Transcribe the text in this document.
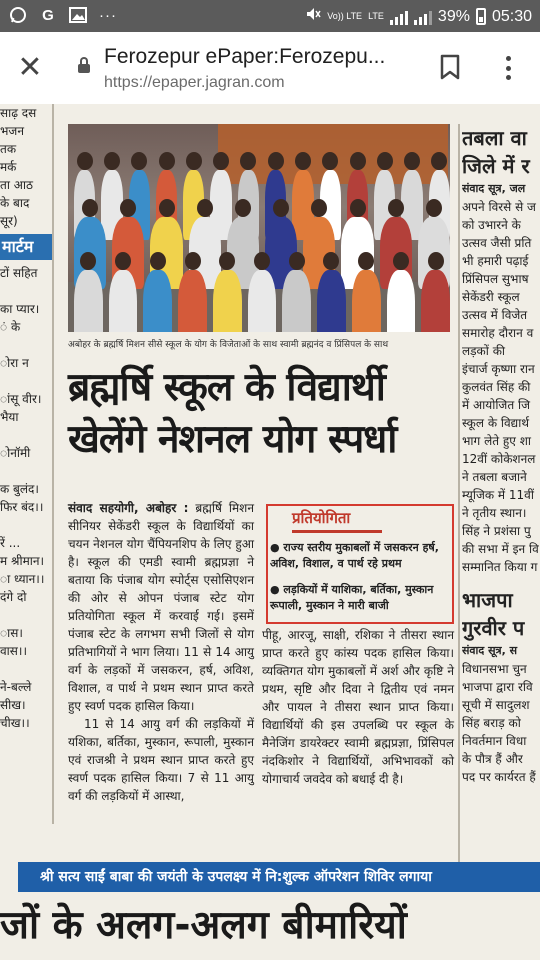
G	···	Vo)) LTE LTE	39% 05:30
✕	Ferozepur ePaper:Ferozepu...
https://epaper.jagran.com
साढ़ दस
भजन
तक
मर्क
ता आठ
के बाद
सूर)
मार्टम
टों सहित

का प्यार।
ं के

ोरा न

ांसू वीर।
भैया

ोनॉमी

क बुलंद।
फिर बंद।।

रें ...
म श्रीमान।
ा ध्यान।।
दंगे दो

ास।
वास।।

ने-बल्ले
सीख।
चीख।।
अबोहर के ब्रह्मर्षि मिशन सीसे स्कूल के योग के विजेताओं के साथ स्वामी ब्रह्मनंद व प्रिंसिपल के साथ
ब्रह्मर्षि स्कूल के विद्यार्थी
खेलेंगे नेशनल योग स्पर्धा
संवाद सहयोगी, अबोहर : ब्रह्मर्षि मिशन सीनियर सेकेंडरी स्कूल के विद्यार्थियों का चयन नेशनल योग चैंपियनशिप के लिए हुआ है। स्कूल की एमडी स्वामी ब्रह्मप्रज्ञा ने बताया कि पंजाब योग स्पोर्ट्स एसोसिएशन की ओर से ओपन पंजाब स्टेट योग प्रतियोगिता स्कूल में करवाई गई। इसमें पंजाब स्टेट के लगभग सभी जिलों से योग प्रतिभागियों ने भाग लिया। 11 से 14 आयु वर्ग के लड़कों में जसकरन, हर्ष, अविश, विशाल, व पार्थ ने प्रथम स्थान प्राप्त करते हुए स्वर्ण पदक हासिल किया।
11 से 14 आयु वर्ग की लड़कियों में यशिका, बर्तिका, मुस्कान, रूपाली, मुस्कान एवं राजश्री ने प्रथम स्थान प्राप्त करते हुए स्वर्ण पदक हासिल किया। 7 से 11 आयु वर्ग की लड़कियों में आस्था,
प्रतियोगिता
● राज्य स्तरीय मुकाबलों में जसकरन हर्ष, अविश, विशाल, व पार्थ रहे प्रथम
● लड़कियों में याशिका, बर्तिका, मुस्कान रूपाली, मुस्कान ने मारी बाजी
पीहू, आरजू, साक्षी, रशिका ने तीसरा स्थान प्राप्त करते हुए कांस्य पदक हासिल किया। व्यक्तिगत योग मुकाबलों में अर्श और कृष्टि ने प्रथम, सृष्टि और दिवा ने द्वितीय एवं नमन और पायल ने तीसरा स्थान प्राप्त किया। विद्यार्थियों की इस उपलब्धि पर स्कूल के मैनेजिंग डायरेक्टर स्वामी ब्रह्मप्रज्ञा, प्रिंसिपल नंदकिशोर ने विद्यार्थियों, अभिभावकों को योगाचार्य जवदेव को बधाई दी है।
तबला वा
जिले में र
संवाद सूत्र, जल
अपने विरसे से ज
को उभारने के
उत्सव जैसी प्रति
भी हमारी पढ़ाई
प्रिंसिपल सुभाष
सेकेंडरी स्कूल
उत्सव में विजेत
समारोह दौरान व
लड़कों की
इंचार्ज कृष्णा रान
कुलवंत सिंह की
में आयोजित जि
स्कूल के विद्यार्थ
भाग लेते हुए शा
12वीं कोकेशनल
ने तबला बजाने
म्यूजिक में 11वीं
ने तृतीय स्थान।
सिंह ने प्रशंसा पु
की सभा में इन वि
सम्मानित किया ग
भाजपा
गुरवीर प
संवाद सूत्र, स
विधानसभा चुन
भाजपा द्वारा रवि
सूची में सादुलश
सिंह बराड़ को
निवर्तमान विधा
के पौत्र हैं और
पद पर कार्यरत हैं
श्री सत्य साईं बाबा की जयंती के उपलक्ष्य में नि:शुल्क ऑपरेशन शिविर लगाया
जों के अलग-अलग बीमारियों
